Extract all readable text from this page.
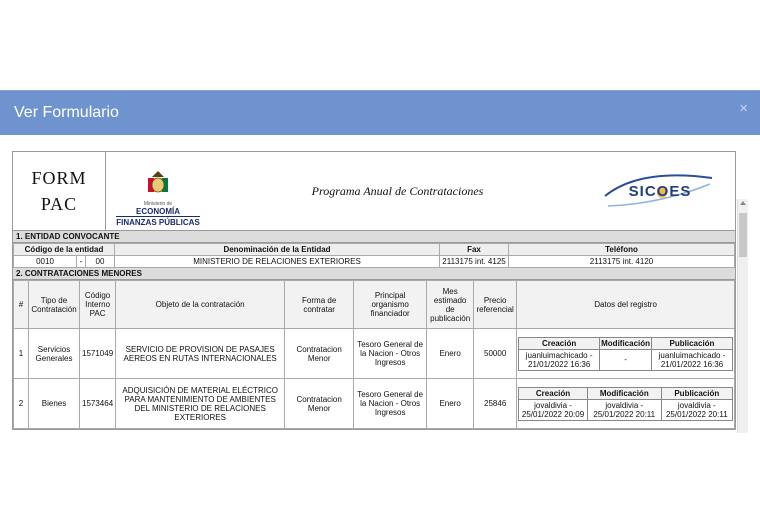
Ver Formulario	×
FORM
PAC	Ministerio de
ECONOMÍA
FINANZAS PÚBLICAS
Programa Anual de Contrataciones	SICOES
1. ENTIDAD CONVOCANTE
Código de la entidad			Denominación de la Entidad	Fax	Teléfono
0010	-	00	MINISTERIO DE RELACIONES EXTERIORES	2113175 int. 4125	2113175 int. 4120
2. CONTRATACIONES MENORES
#	Tipo de Contratación	Código Interno PAC	Objeto de la contratación	Forma de contratar	Principal organismo financiador	Mes estimado de publicación	Precio referencial	Datos del registro
1	Servicios Generales	1571049	SERVICIO DE PROVISION DE PASAJES AEREOS EN RUTAS INTERNACIONALES	Contratacion Menor	Tesoro General de la Nacion - Otros Ingresos	Enero	50000	
Creación	Modificación	Publicación
juanluimachicado - 21/01/2022 16:36	-	juanluimachicado - 21/01/2022 16:36

2	Bienes	1573464	ADQUISICIÓN DE MATERIAL ELÉCTRICO PARA MANTENIMIENTO DE AMBIENTES DEL MINISTERIO DE RELACIONES EXTERIORES	Contratacion Menor	Tesoro General de la Nacion - Otros Ingresos	Enero	25846	
Creación	Modificación	Publicación
jovaldivia - 25/01/2022 20:09	jovaldivia - 25/01/2022 20:11	jovaldivia - 25/01/2022 20:11
